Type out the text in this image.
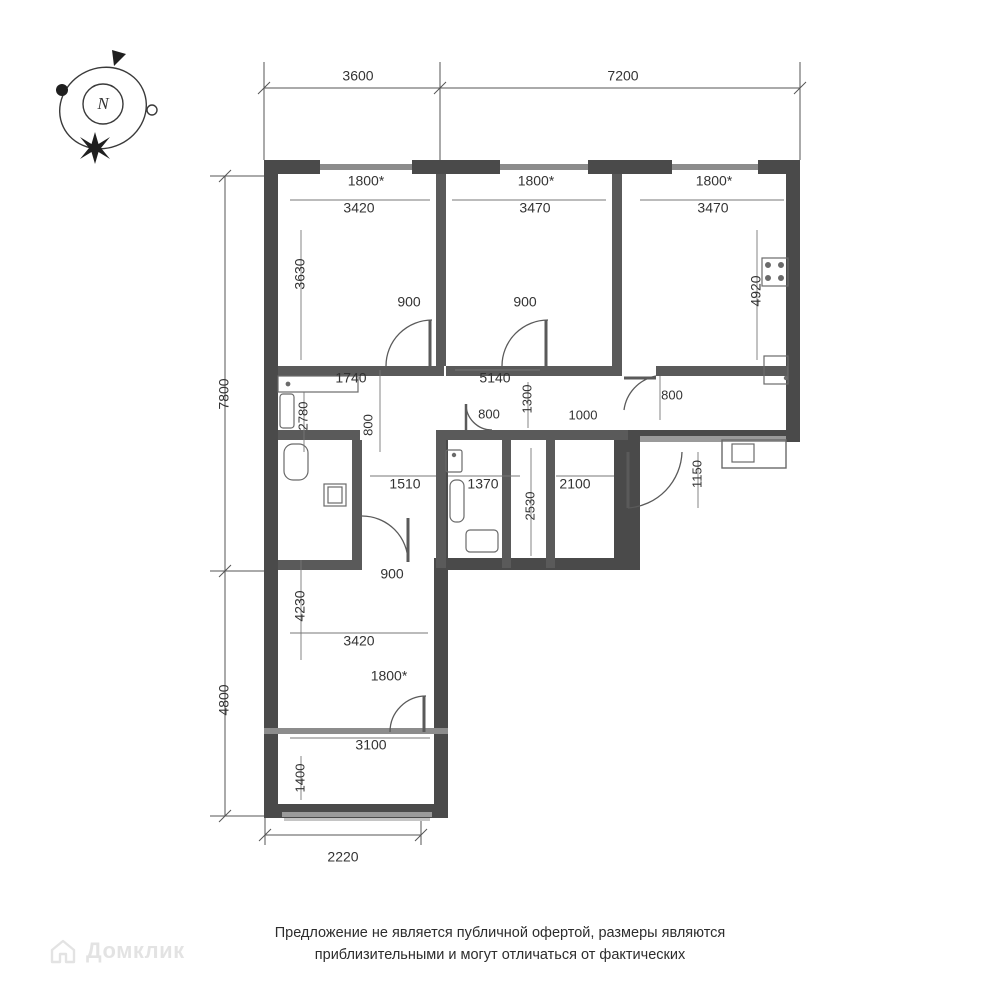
N
3600	7200
7800
4800
1800*	1800*	1800*
3420	3470	3470
3630
4920
900	900
1740	5140
1300	800
2780	800
800	1000
1150
1510	1370	2100
2530
900
4230
3420
1800*
3100
1400
2220
Предложение не является публичной офертой, размеры являются
приблизительными и могут отличаться от фактических
Домклик
